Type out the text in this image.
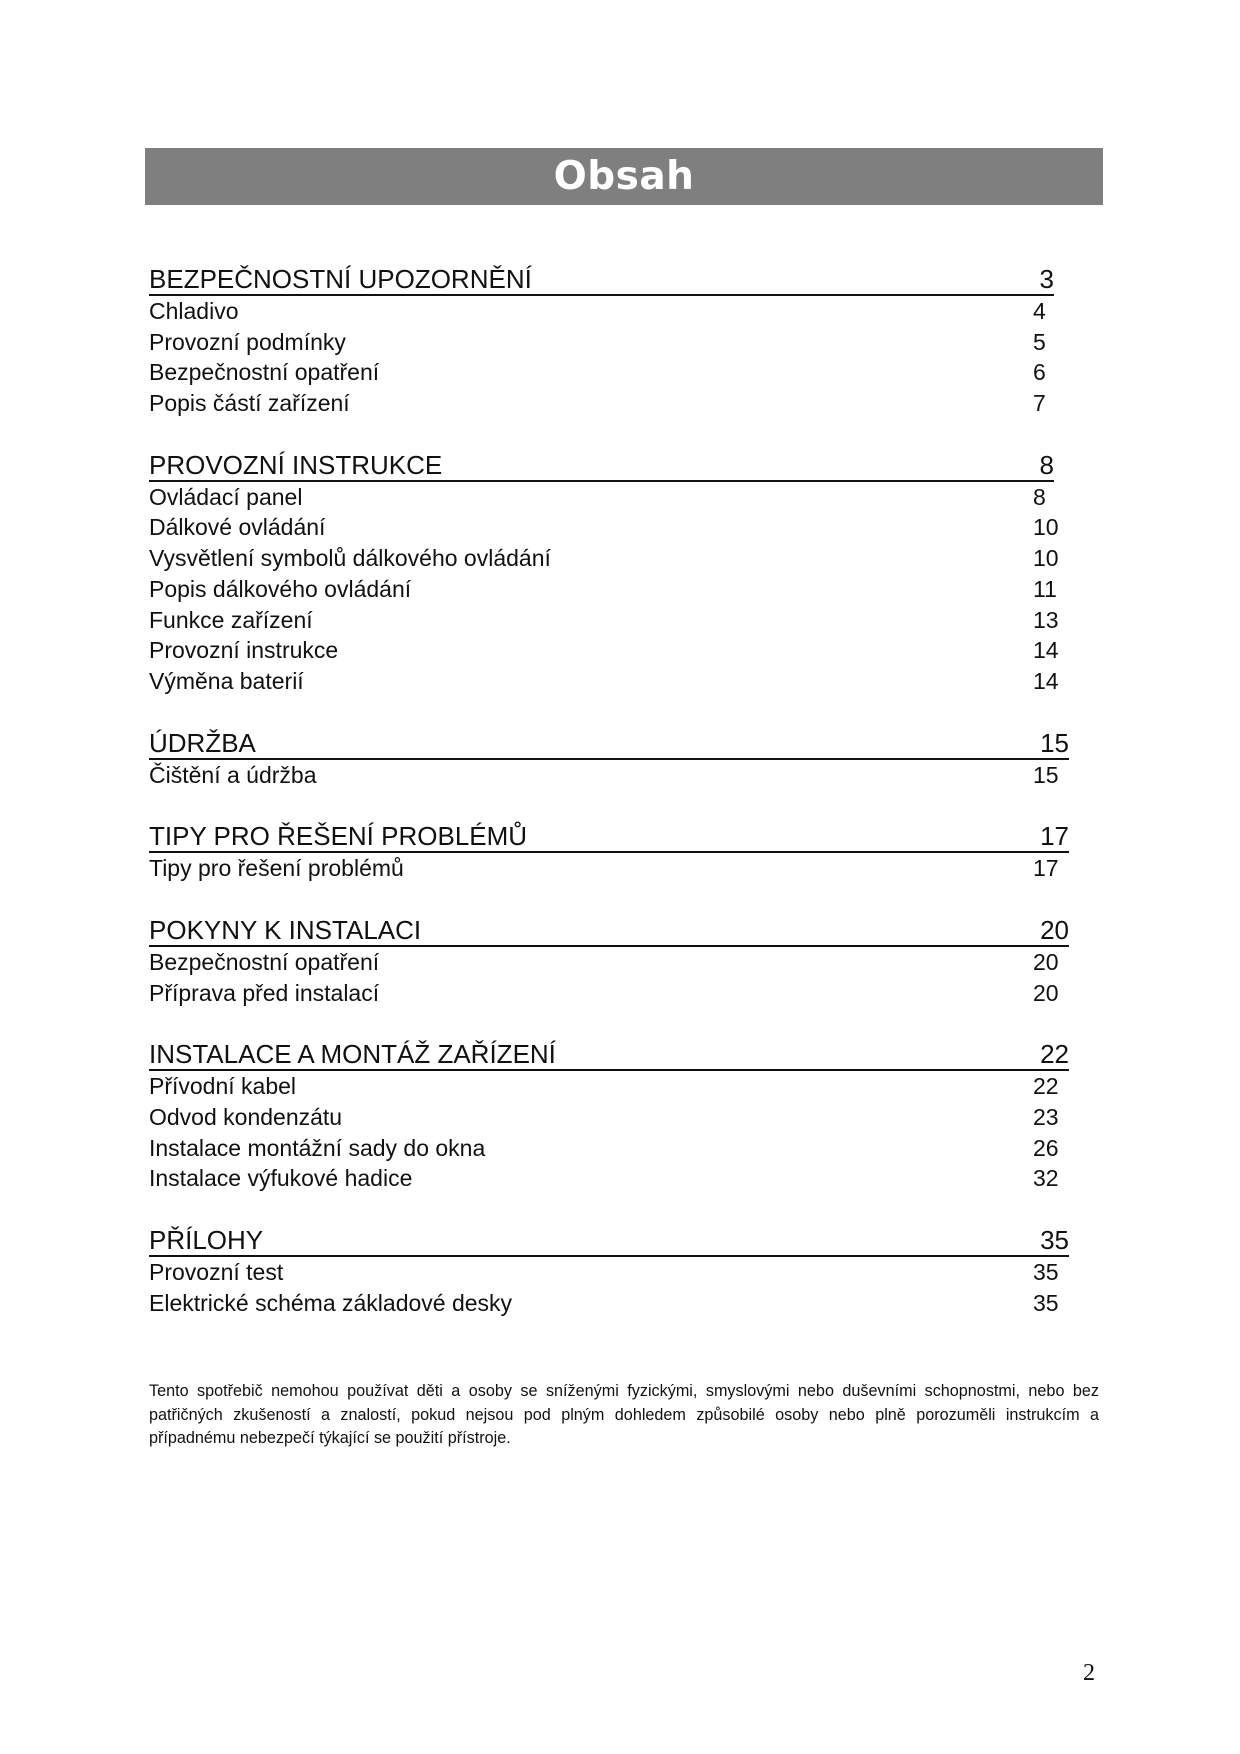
Obsah
BEZPEČNOSTNÍ UPOZORNĚNÍ	3
Chladivo	4
Provozní podmínky	5
Bezpečnostní opatření	6
Popis částí zařízení	7
PROVOZNÍ INSTRUKCE	8
Ovládací panel	8
Dálkové ovládání	10
Vysvětlení symbolů dálkového ovládání	10
Popis dálkového ovládání	11
Funkce zařízení	13
Provozní instrukce	14
Výměna baterií	14
ÚDRŽBA	15
Čištění a údržba	15
TIPY PRO ŘEŠENÍ PROBLÉMŮ	17
Tipy pro řešení problémů	17
POKYNY K INSTALACI	20
Bezpečnostní opatření	20
Příprava před instalací	20
INSTALACE A MONTÁŽ ZAŘÍZENÍ	22
Přívodní kabel	22
Odvod kondenzátu	23
Instalace montážní sady do okna	26
Instalace výfukové hadice	32
PŘÍLOHY	35
Provozní test	35
Elektrické schéma základové desky	35
Tento spotřebič nemohou používat děti a osoby se sníženými fyzickými, smyslovými nebo duševními schopnostmi, nebo bez patřičných zkušeností a znalostí, pokud nejsou pod plným dohledem způsobilé osoby nebo plně porozuměli instrukcím a případnému nebezpečí týkající se použití přístroje.
2
